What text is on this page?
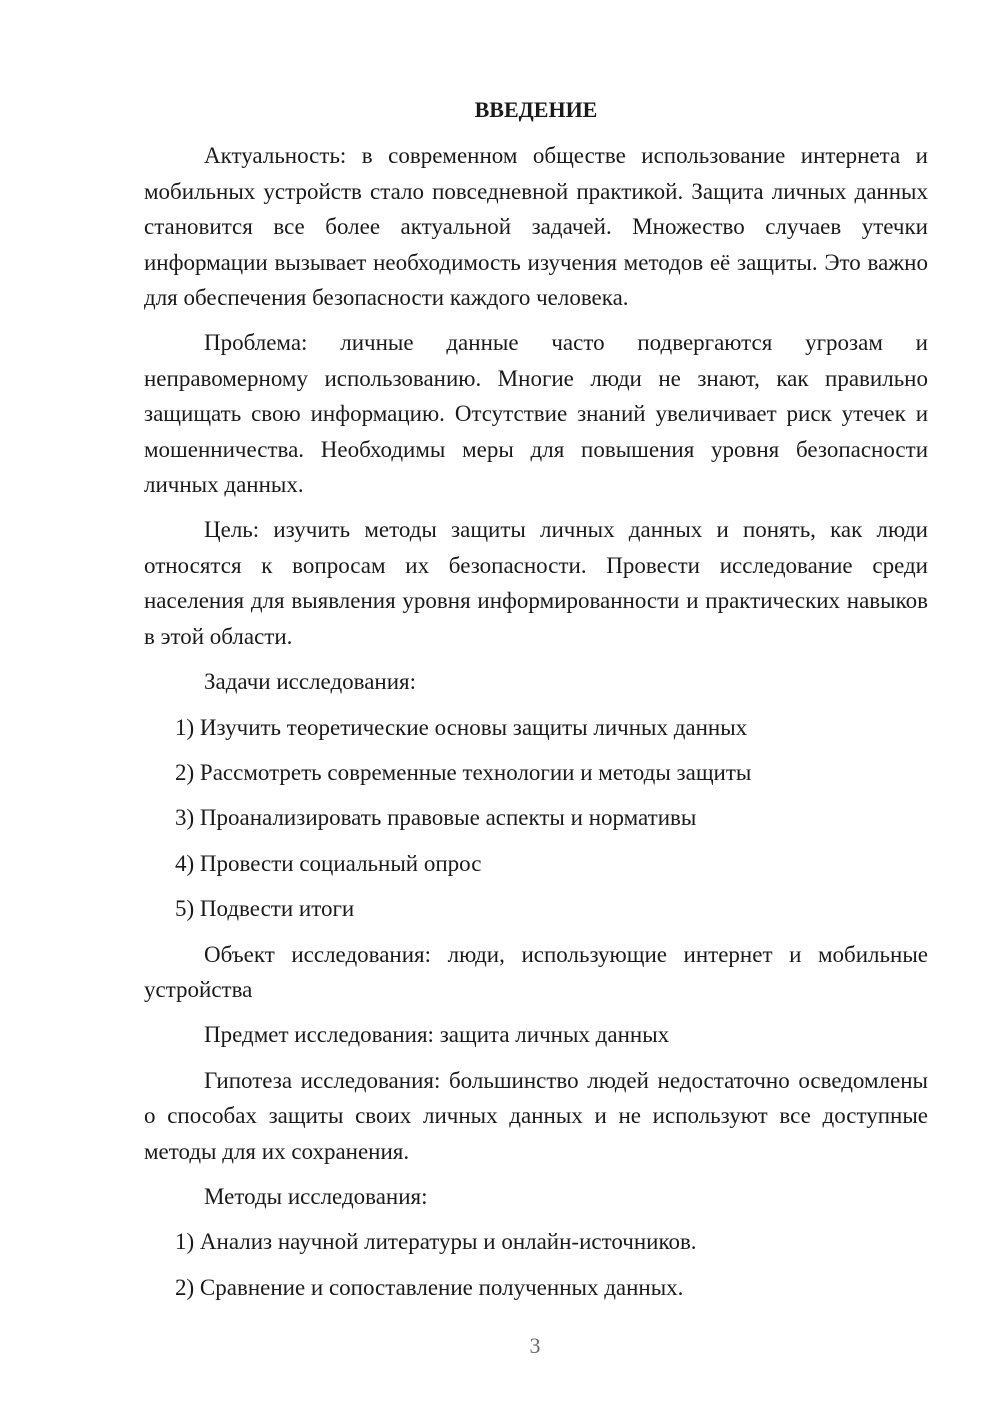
ВВЕДЕНИЕ

Актуальность: в современном обществе использование интернета и мобильных устройств стало повседневной практикой. Защита личных данных становится все более актуальной задачей. Множество случаев утечки информации вызывает необходимость изучения методов её защиты. Это важно для обеспечения безопасности каждого человека.

Проблема: личные данные часто подвергаются угрозам и неправомерному использованию. Многие люди не знают, как правильно защищать свою информацию. Отсутствие знаний увеличивает риск утечек и мошенничества. Необходимы меры для повышения уровня безопасности личных данных.

Цель: изучить методы защиты личных данных и понять, как люди относятся к вопросам их безопасности. Провести исследование среди населения для выявления уровня информированности и практических навыков в этой области.

Задачи исследования:

1) Изучить теоретические основы защиты личных данных

2) Рассмотреть современные технологии и методы защиты

3) Проанализировать правовые аспекты и нормативы

4) Провести социальный опрос

5) Подвести итоги

Объект исследования: люди, использующие интернет и мобильные устройства

Предмет исследования: защита личных данных

Гипотеза исследования: большинство людей недостаточно осведомлены о способах защиты своих личных данных и не используют все доступные методы для их сохранения.

Методы исследования:

1) Анализ научной литературы и онлайн-источников.

2) Сравнение и сопоставление полученных данных.

3
